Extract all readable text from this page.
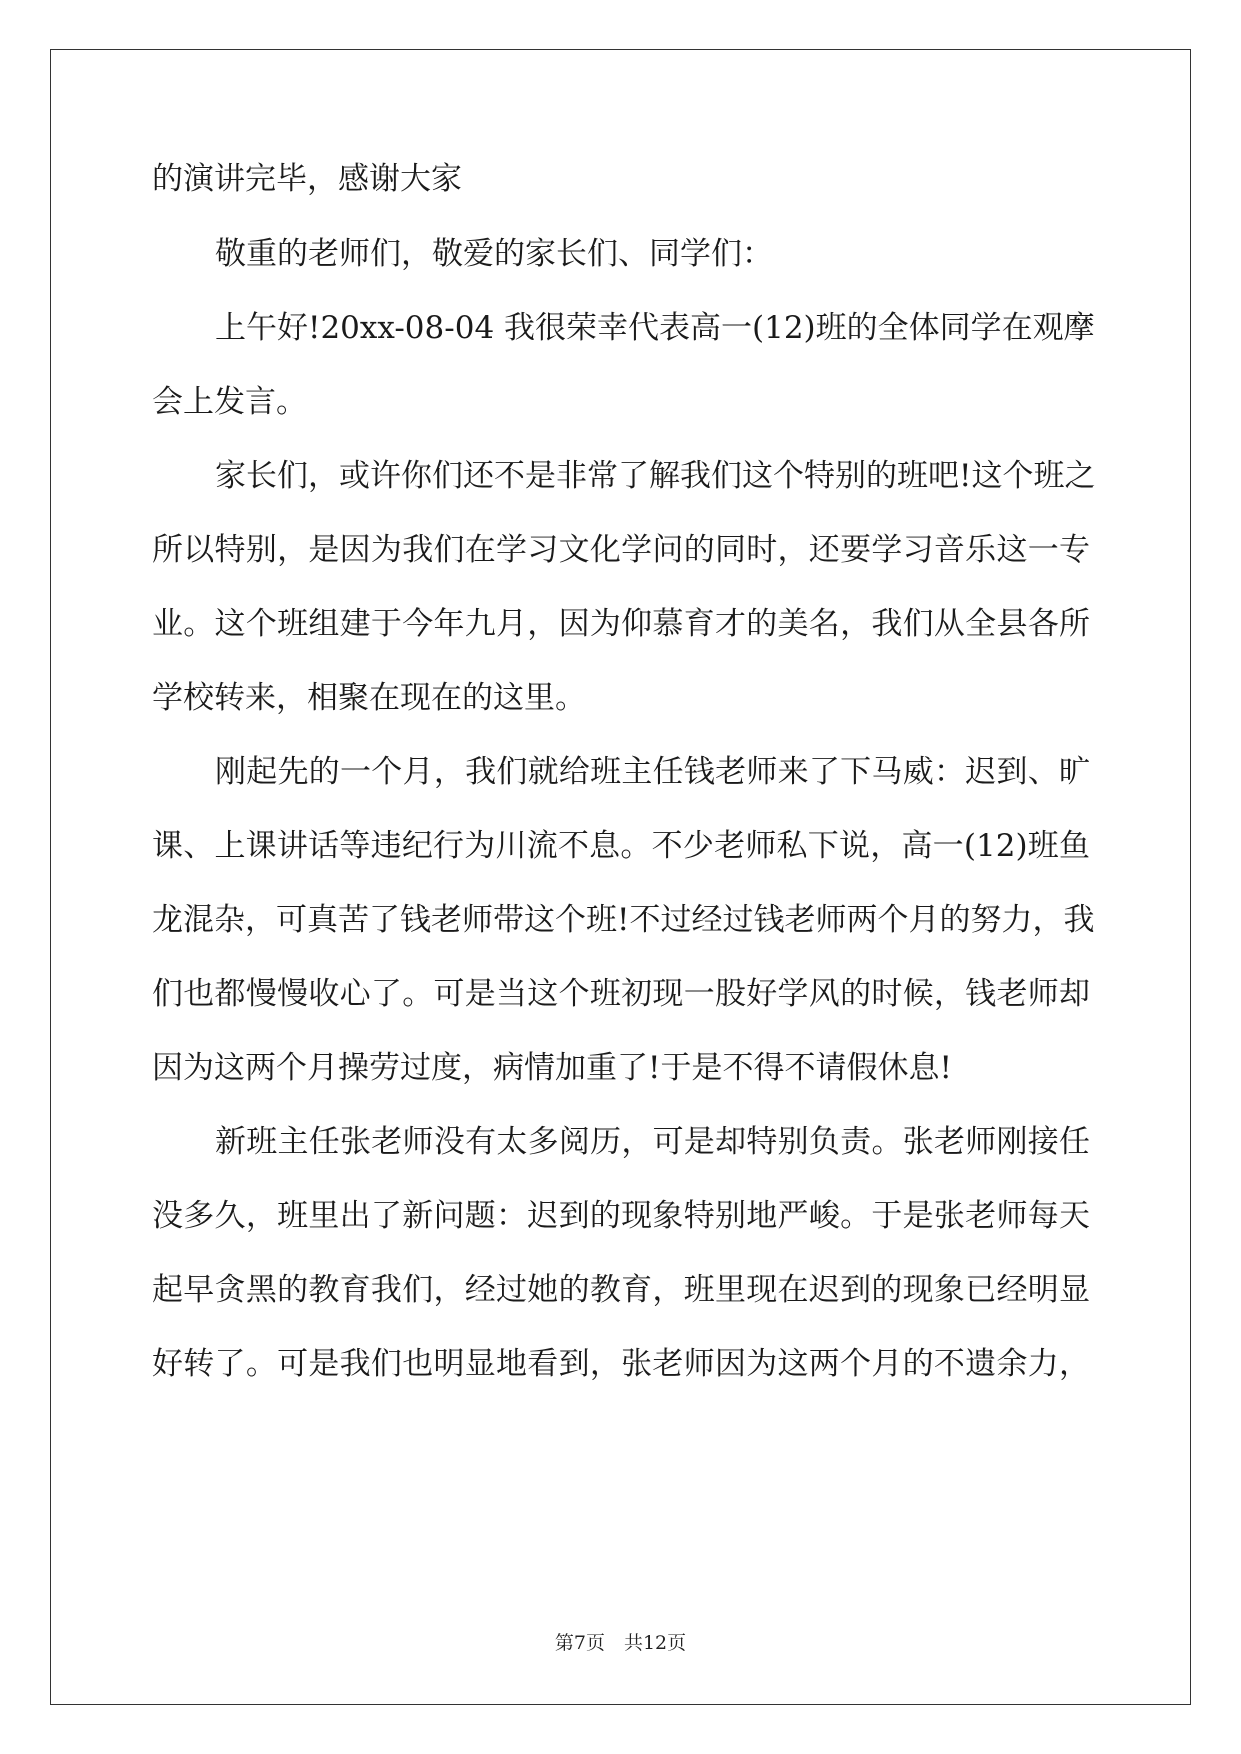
的演讲完毕，感谢大家
敬重的老师们，敬爱的家长们、同学们：
上午好!20xx-08-04 我很荣幸代表高一(12)班的全体同学在观摩
会上发言。
家长们，或许你们还不是非常了解我们这个特别的班吧!这个班之
所以特别，是因为我们在学习文化学问的同时，还要学习音乐这一专
业。这个班组建于今年九月，因为仰慕育才的美名，我们从全县各所
学校转来，相聚在现在的这里。
刚起先的一个月，我们就给班主任钱老师来了下马威：迟到、旷
课、上课讲话等违纪行为川流不息。不少老师私下说，高一(12)班鱼
龙混杂，可真苦了钱老师带这个班!不过经过钱老师两个月的努力，我
们也都慢慢收心了。可是当这个班初现一股好学风的时候，钱老师却
因为这两个月操劳过度，病情加重了!于是不得不请假休息!
新班主任张老师没有太多阅历，可是却特别负责。张老师刚接任
没多久，班里出了新问题：迟到的现象特别地严峻。于是张老师每天
起早贪黑的教育我们，经过她的教育，班里现在迟到的现象已经明显
好转了。可是我们也明显地看到，张老师因为这两个月的不遗余力，
第7页　共12页
